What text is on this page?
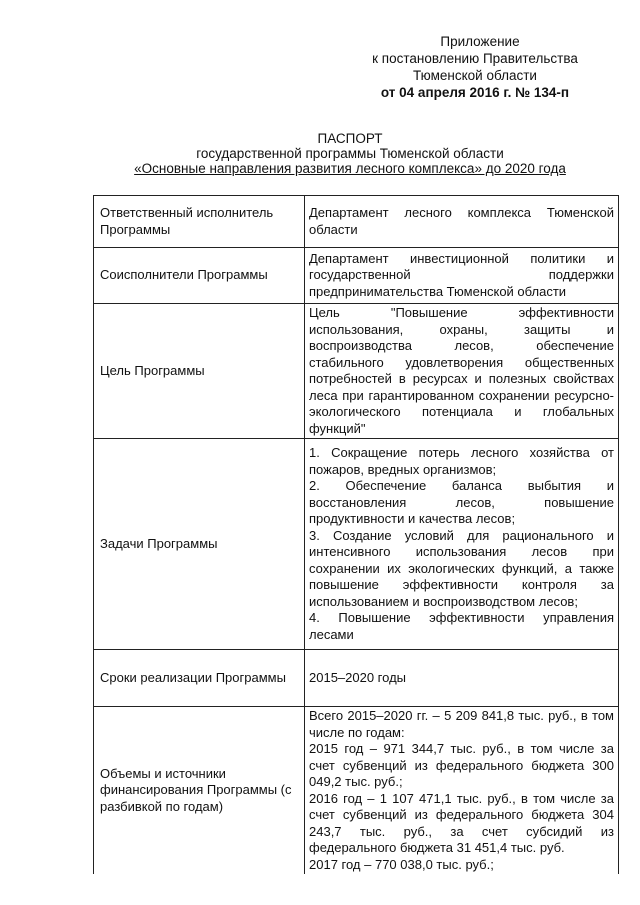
Приложение
к постановлению Правительства
Тюменской области
от 04 апреля 2016 г. № 134-п
ПАСПОРТ
государственной программы Тюменской области
«Основные направления развития лесного комплекса» до 2020 года
Ответственный исполнитель Программы	Департамент лесного комплекса Тюменской области
Соисполнители Программы	Департамент инвестиционной политики и государственной поддержки предпринимательства Тюменской области
Цель Программы	Цель "Повышение эффективности использования, охраны, защиты и воспроизводства лесов, обеспечение стабильного удовлетворения общественных потребностей в ресурсах и полезных свойствах леса при гарантированном сохранении ресурсно-экологического потенциала и глобальных функций"
Задачи Программы	1. Сокращение потерь лесного хозяйства от пожаров, вредных организмов;
2. Обеспечение баланса выбытия и восстановления лесов, повышение продуктивности и качества лесов;
3. Создание условий для рационального и интенсивного использования лесов при сохранении их экологических функций, а также повышение эффективности контроля за использованием и воспроизводством лесов;
4. Повышение эффективности управления лесами

Сроки реализации Программы	2015–2020 годы
Объемы и источники финансирования Программы (с разбивкой по годам)	Всего 2015–2020 гг. – 5 209 841,8 тыс. руб., в том числе по годам:
2015 год – 971 344,7 тыс. руб., в том числе за счет субвенций из федерального бюджета 300 049,2 тыс. руб.;
2016 год – 1 107 471,1 тыс. руб., в том числе за счет субвенций из федерального бюджета 304 243,7 тыс. руб., за счет субсидий из федерального бюджета 31 451,4 тыс. руб.
2017 год – 770 038,0 тыс. руб.;
